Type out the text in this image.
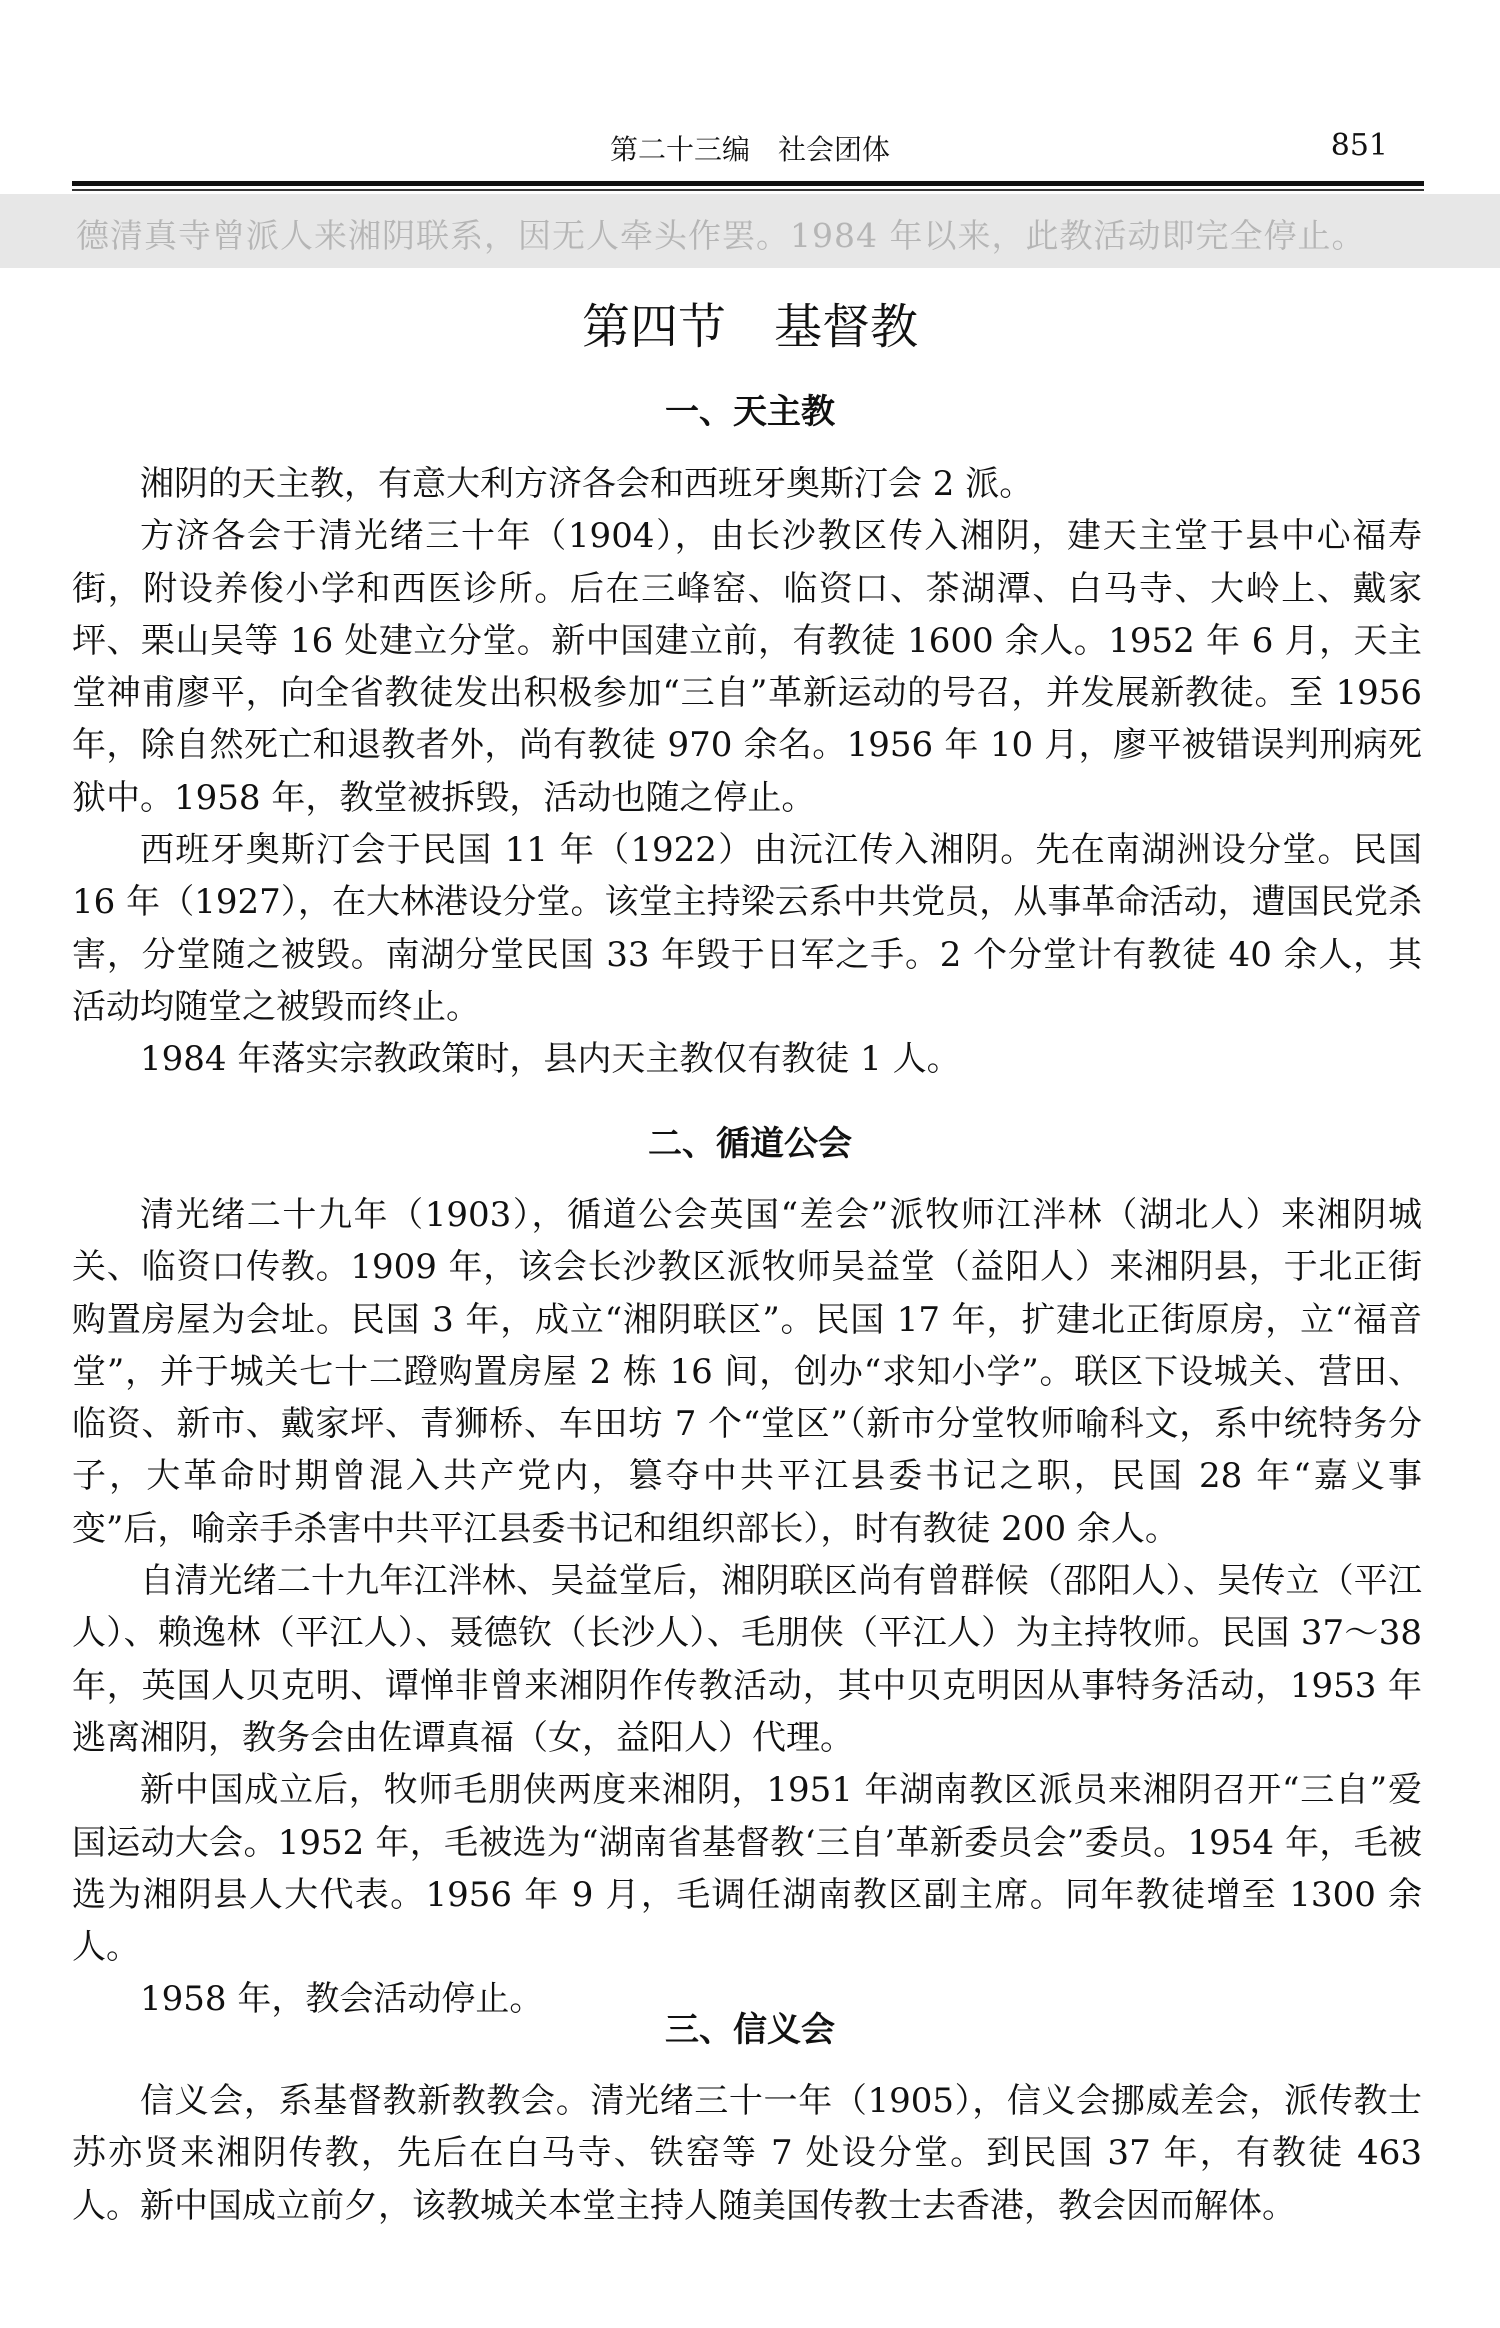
第二十三编　社会团体	851
德清真寺曾派人来湘阴联系，因无人牵头作罢。1984 年以来，此教活动即完全停止。
第四节　基督教
一、天主教

湘阴的天主教，有意大利方济各会和西班牙奥斯汀会 2 派。

方济各会于清光绪三十年（1904），由长沙教区传入湘阴，建天主堂于县中心福寿街，附设养俊小学和西医诊所。后在三峰窑、临资口、茶湖潭、白马寺、大岭上、戴家坪、栗山吴等 16 处建立分堂。新中国建立前，有教徒 1600 余人。1952 年 6 月，天主堂神甫廖平，向全省教徒发出积极参加“三自”革新运动的号召，并发展新教徒。至 1956 年，除自然死亡和退教者外，尚有教徒 970 余名。1956 年 10 月，廖平被错误判刑病死狱中。1958 年，教堂被拆毁，活动也随之停止。

西班牙奥斯汀会于民国 11 年（1922）由沅江传入湘阴。先在南湖洲设分堂。民国 16 年（1927），在大林港设分堂。该堂主持梁云系中共党员，从事革命活动，遭国民党杀害，分堂随之被毁。南湖分堂民国 33 年毁于日军之手。2 个分堂计有教徒 40 余人，其活动均随堂之被毁而终止。

1984 年落实宗教政策时，县内天主教仅有教徒 1 人。

二、循道公会

清光绪二十九年（1903），循道公会英国“差会”派牧师江泮林（湖北人）来湘阴城关、临资口传教。1909 年，该会长沙教区派牧师吴益堂（益阳人）来湘阴县，于北正街购置房屋为会址。民国 3 年，成立“湘阴联区”。民国 17 年，扩建北正街原房，立“福音堂”，并于城关七十二蹬购置房屋 2 栋 16 间，创办“求知小学”。联区下设城关、营田、临资、新市、戴家坪、青狮桥、车田坊 7 个“堂区”（新市分堂牧师喻科文，系中统特务分子，大革命时期曾混入共产党内，篡夺中共平江县委书记之职，民国 28 年“嘉义事变”后，喻亲手杀害中共平江县委书记和组织部长），时有教徒 200 余人。

自清光绪二十九年江泮林、吴益堂后，湘阴联区尚有曾群候（邵阳人）、吴传立（平江人）、赖逸林（平江人）、聂德钦（长沙人）、毛朋侠（平江人）为主持牧师。民国 37～38 年，英国人贝克明、谭惮非曾来湘阴作传教活动，其中贝克明因从事特务活动，1953 年逃离湘阴，教务会由佐谭真福（女，益阳人）代理。

新中国成立后，牧师毛朋侠两度来湘阴，1951 年湖南教区派员来湘阴召开“三自”爱国运动大会。1952 年，毛被选为“湖南省基督教‘三自’革新委员会”委员。1954 年，毛被选为湘阴县人大代表。1956 年 9 月，毛调任湖南教区副主席。同年教徒增至 1300 余人。

1958 年，教会活动停止。

三、信义会

信义会，系基督教新教教会。清光绪三十一年（1905），信义会挪威差会，派传教士苏亦贤来湘阴传教，先后在白马寺、铁窑等 7 处设分堂。到民国 37 年，有教徒 463 人。新中国成立前夕，该教城关本堂主持人随美国传教士去香港，教会因而解体。
